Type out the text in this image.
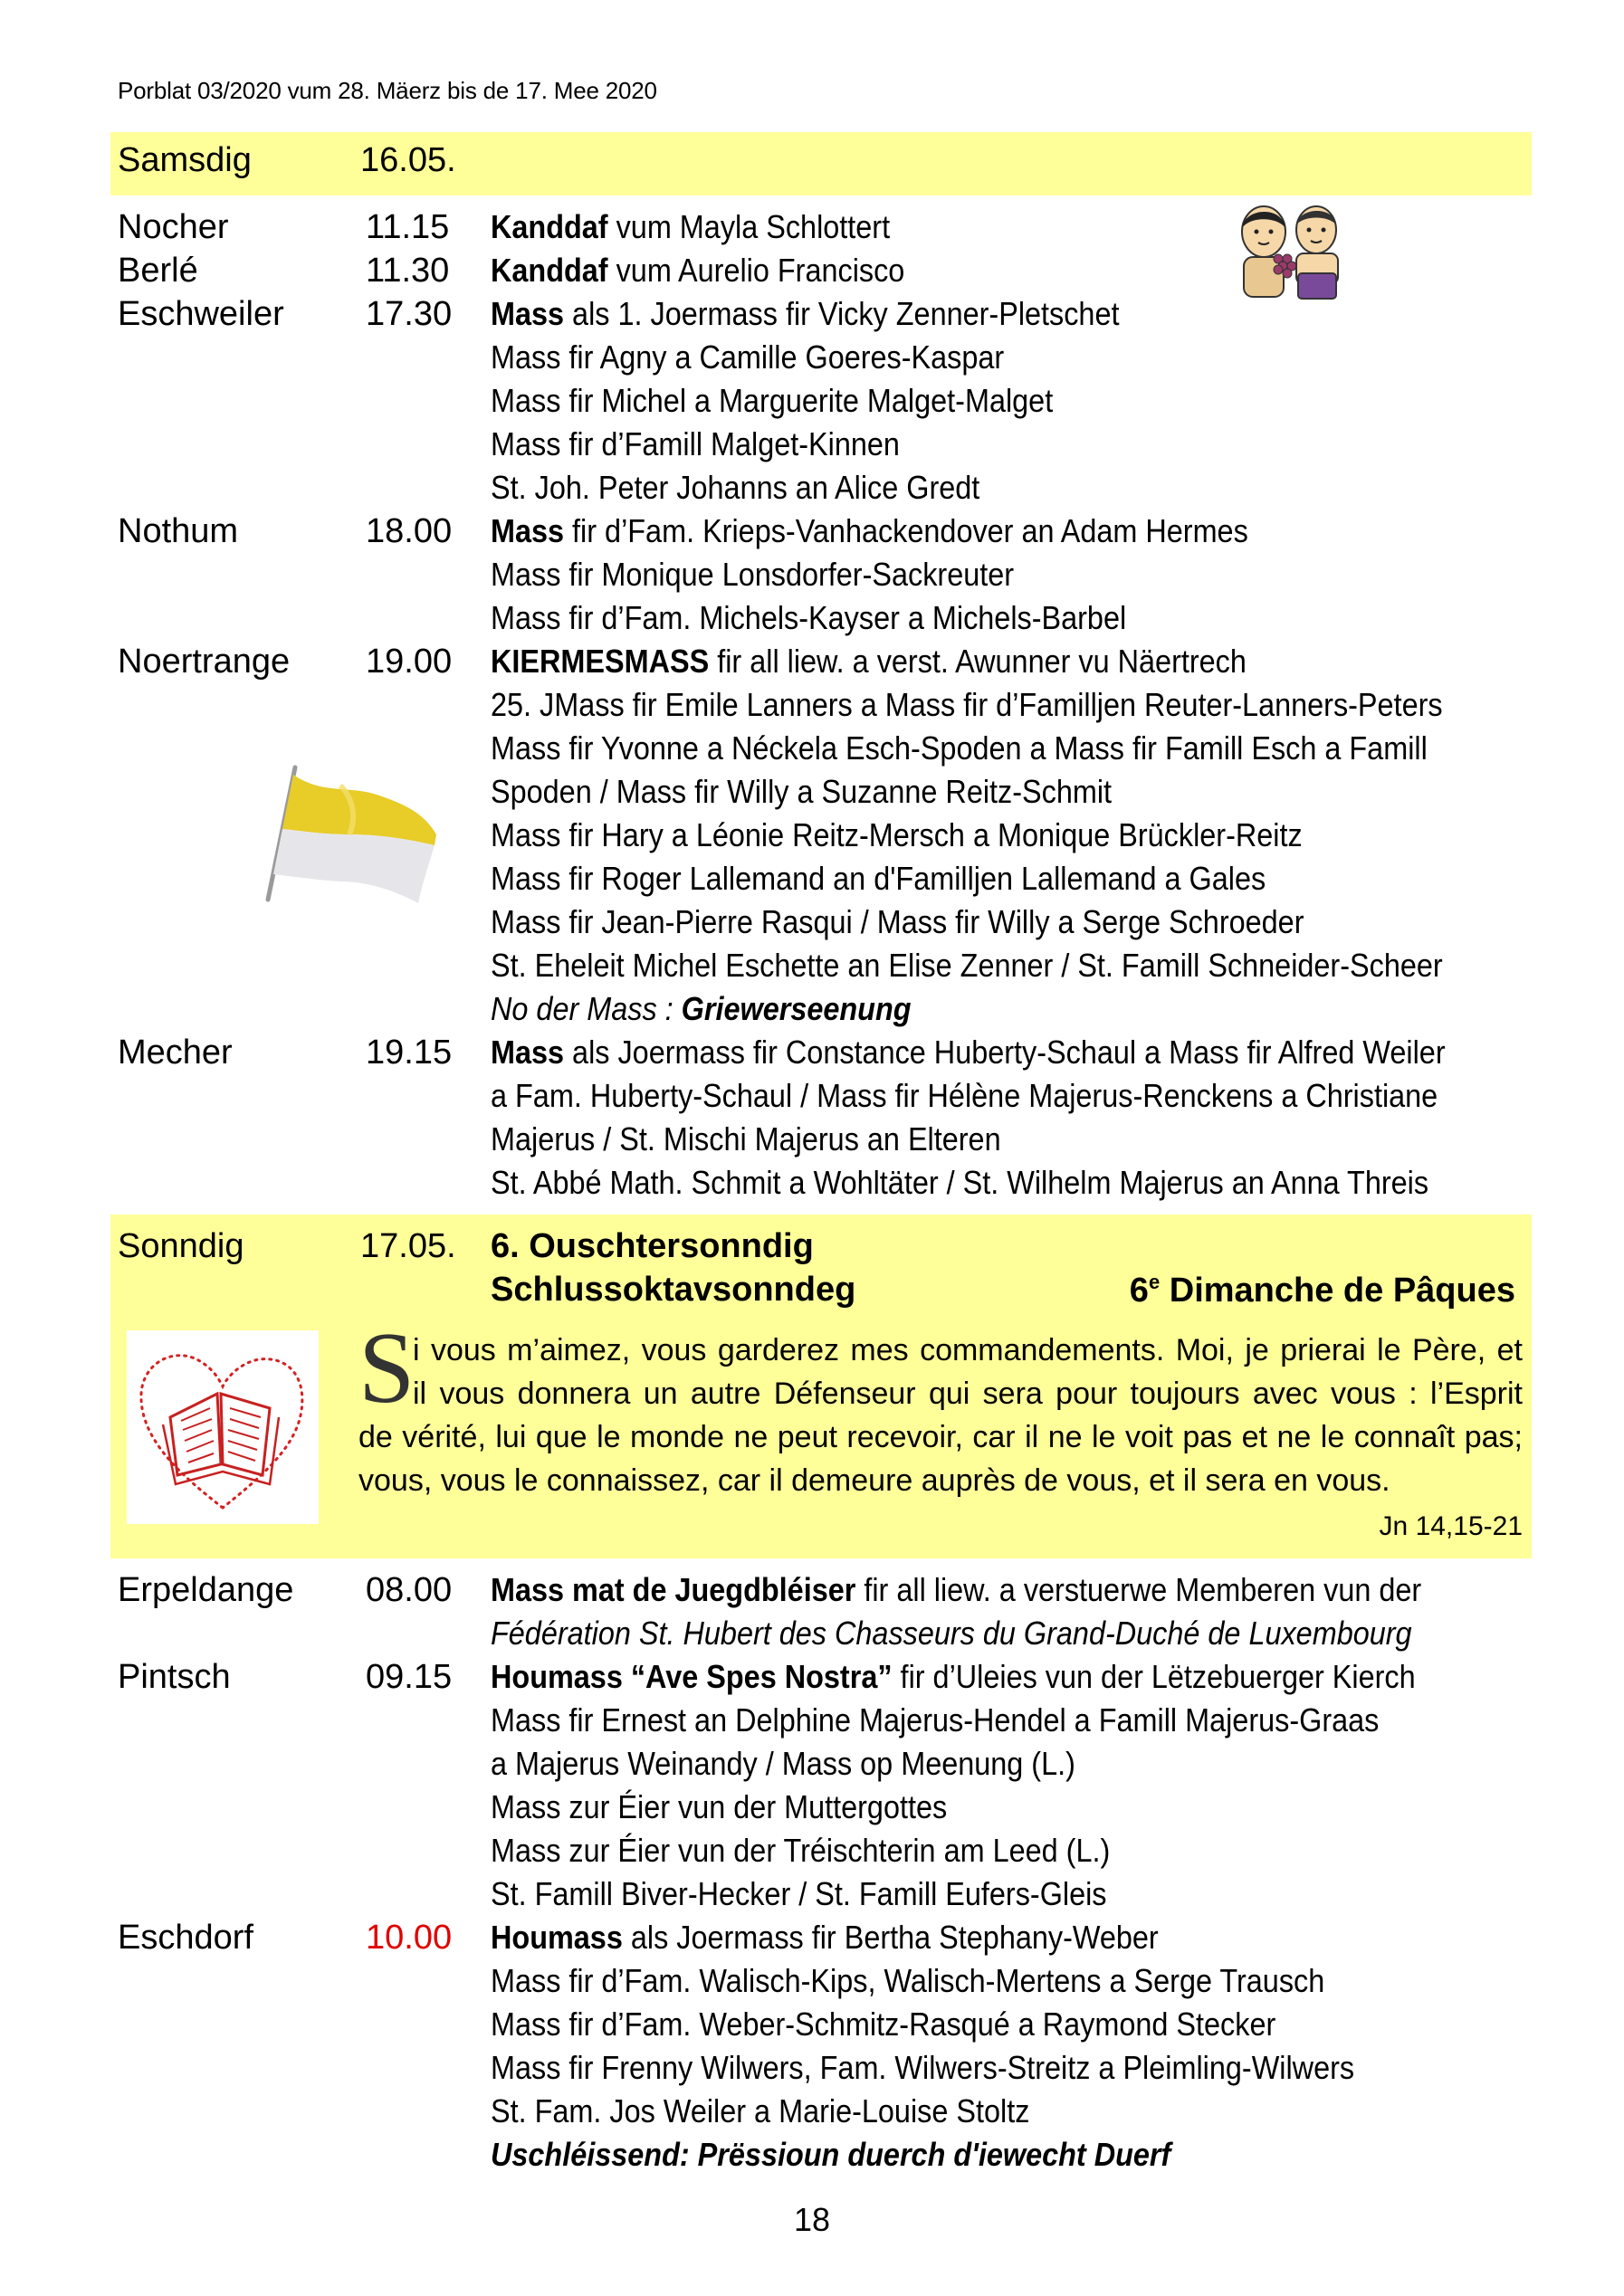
Porblat 03/2020 vum 28. Mäerz bis de 17. Mee 2020
Samsdig	16.05.
Nocher	11.15 Kanddaf vum Mayla Schlottert
Berlé	11.30 Kanddaf vum Aurelio Francisco
Eschweiler 17.30 Mass als 1. Joermass fir Vicky Zenner-Pletschet
Mass fir Agny a Camille Goeres-Kaspar
Mass fir Michel a Marguerite Malget-Malget
Mass fir d’Famill Malget-Kinnen
St. Joh. Peter Johanns an Alice Gredt
Nothum	18.00 Mass fir d’Fam. Krieps-Vanhackendover an Adam Hermes
Mass fir Monique Lonsdorfer-Sackreuter
Mass fir d’Fam. Michels-Kayser a Michels-Barbel
Noertrange 19.00 KIERMESMASS fir all liew. a verst. Awunner vu Näertrech
25. JMass fir Emile Lanners a Mass fir d’Familljen Reuter-Lanners-Peters
Mass fir Yvonne a Néckela Esch-Spoden a Mass fir Famill Esch a Famill
Spoden / Mass fir Willy a Suzanne Reitz-Schmit
Mass fir Hary a Léonie Reitz-Mersch a Monique Brückler-Reitz
Mass fir Roger Lallemand an d'Familljen Lallemand a Gales
Mass fir Jean-Pierre Rasqui / Mass fir Willy a Serge Schroeder
St. Eheleit Michel Eschette an Elise Zenner / St. Famill Schneider-Scheer
No der Mass : Griewerseenung
Mecher	19.15 Mass als Joermass fir Constance Huberty-Schaul a Mass fir Alfred Weiler
a Fam. Huberty-Schaul / Mass fir Hélène Majerus-Renckens a Christiane
Majerus / St. Mischi Majerus an Elteren
St. Abbé Math. Schmit a Wohltäter / St. Wilhelm Majerus an Anna Threis
Sonndig	17.05. 6. Ouschtersonndig
Schlussoktavsonndeg	6e Dimanche de Pâques
S
i vous m’aimez, vous garderez mes commandements. Moi, je prierai le Père, et
il vous donnera un autre Défenseur qui sera pour toujours avec vous : l’Esprit
de vérité, lui que le monde ne peut recevoir, car il ne le voit pas et ne le connaît pas;
vous, vous le connaissez, car il demeure auprès de vous, et il sera en vous.
Jn 14,15-21
Erpeldange 08.00 Mass mat de Juegdbléiser fir all liew. a verstuerwe Memberen vun der
Fédération St. Hubert des Chasseurs du Grand-Duché de Luxembourg
Pintsch	09.15 Houmass “Ave Spes Nostra” fir d’Uleies vun der Lëtzebuerger Kierch
Mass fir Ernest an Delphine Majerus-Hendel a Famill Majerus-Graas
a Majerus Weinandy / Mass op Meenung (L.)
Mass zur Éier vun der Muttergottes
Mass zur Éier vun der Tréischterin am Leed (L.)
St. Famill Biver-Hecker / St. Famill Eufers-Gleis
Eschdorf	10.00 Houmass als Joermass fir Bertha Stephany-Weber
Mass fir d’Fam. Walisch-Kips, Walisch-Mertens a Serge Trausch
Mass fir d’Fam. Weber-Schmitz-Rasqué a Raymond Stecker
Mass fir Frenny Wilwers, Fam. Wilwers-Streitz a Pleimling-Wilwers
St. Fam. Jos Weiler a Marie-Louise Stoltz
Uschléissend: Prëssioun duerch d'iewecht Duerf
18
